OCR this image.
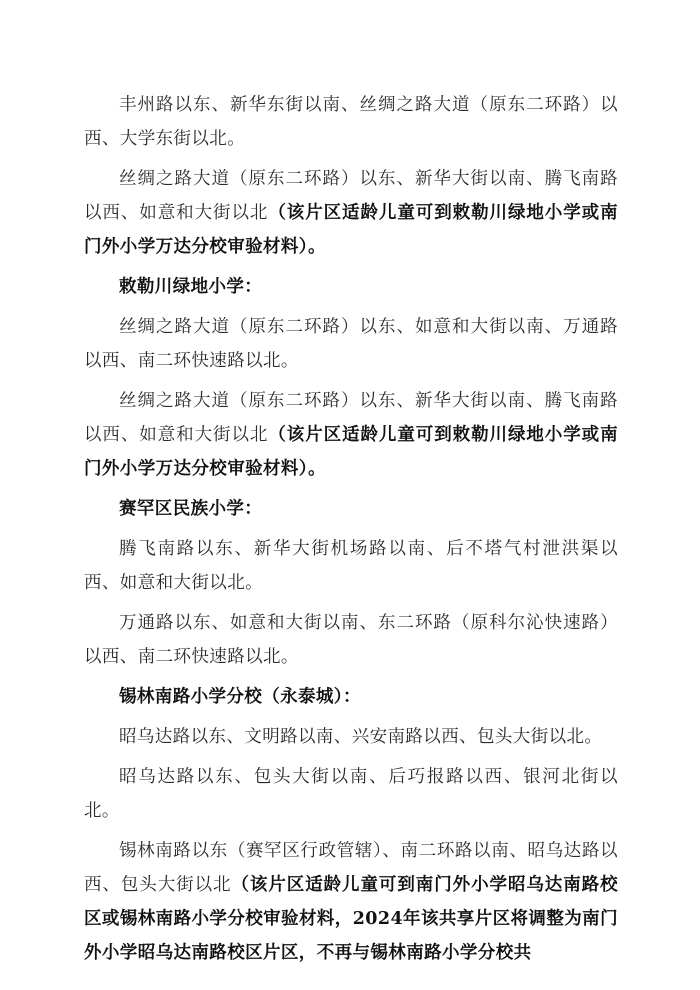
丰州路以东、新华东街以南、丝绸之路大道（原东二环路）以西、大学东街以北。

丝绸之路大道（原东二环路）以东、新华大街以南、腾飞南路以西、如意和大街以北（该片区适龄儿童可到敕勒川绿地小学或南门外小学万达分校审验材料）。

敕勒川绿地小学：

丝绸之路大道（原东二环路）以东、如意和大街以南、万通路以西、南二环快速路以北。

丝绸之路大道（原东二环路）以东、新华大街以南、腾飞南路以西、如意和大街以北（该片区适龄儿童可到敕勒川绿地小学或南门外小学万达分校审验材料）。

赛罕区民族小学：

腾飞南路以东、新华大街机场路以南、后不塔气村泄洪渠以西、如意和大街以北。

万通路以东、如意和大街以南、东二环路（原科尔沁快速路）以西、南二环快速路以北。

锡林南路小学分校（永泰城）：

昭乌达路以东、文明路以南、兴安南路以西、包头大街以北。

昭乌达路以东、包头大街以南、后巧报路以西、银河北街以北。

锡林南路以东（赛罕区行政管辖）、南二环路以南、昭乌达路以西、包头大街以北（该片区适龄儿童可到南门外小学昭乌达南路校区或锡林南路小学分校审验材料，2024年该共享片区将调整为南门外小学昭乌达南路校区片区，不再与锡林南路小学分校共
